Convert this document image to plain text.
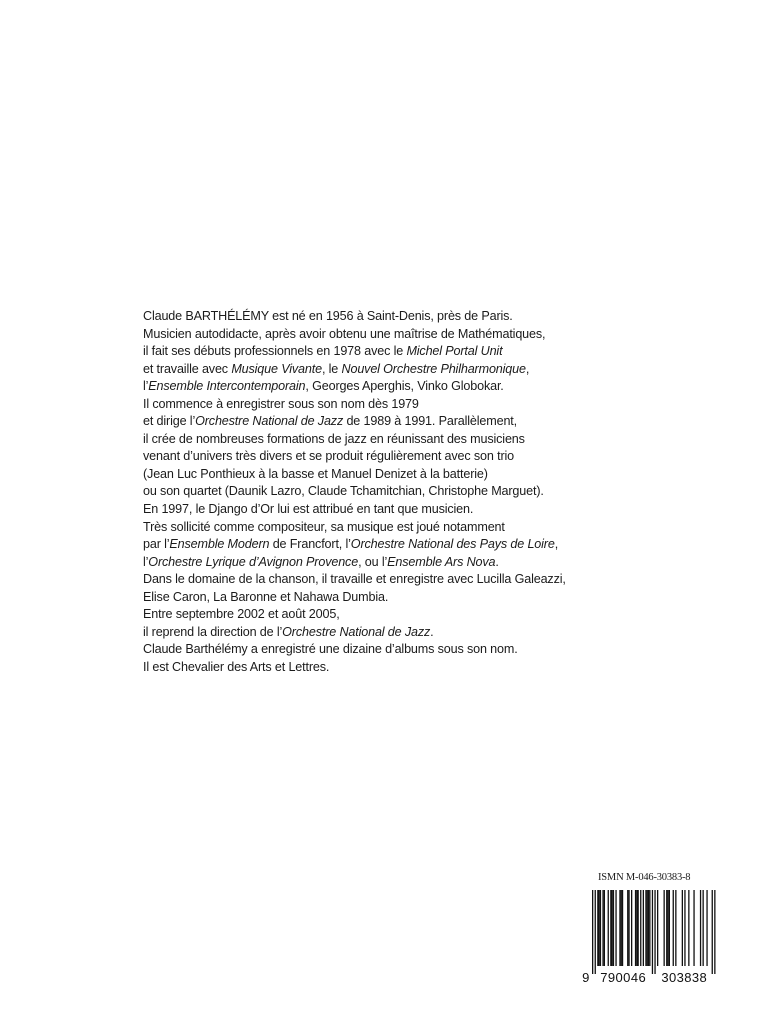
Claude BARTHÉLÉMY est né en 1956 à Saint-Denis, près de Paris.
Musicien autodidacte, après avoir obtenu une maîtrise de Mathématiques,
il fait ses débuts professionnels en 1978 avec le Michel Portal Unit
et travaille avec Musique Vivante, le Nouvel Orchestre Philharmonique,
l’Ensemble Intercontemporain, Georges Aperghis, Vinko Globokar.
Il commence à enregistrer sous son nom dès 1979
et dirige l’Orchestre National de Jazz de 1989 à 1991. Parallèlement,
il crée de nombreuses formations de jazz en réunissant des musiciens
venant d’univers très divers et se produit régulièrement avec son trio
(Jean Luc Ponthieux à la basse et Manuel Denizet à la batterie)
ou son quartet (Daunik Lazro, Claude Tchamitchian, Christophe Marguet).
En 1997, le Django d’Or lui est attribué en tant que musicien.
Très sollicité comme compositeur, sa musique est joué notamment
par l’Ensemble Modern de Francfort, l’Orchestre National des Pays de Loire,
l’Orchestre Lyrique d’Avignon Provence, ou l’Ensemble Ars Nova.
Dans le domaine de la chanson, il travaille et enregistre avec Lucilla Galeazzi,
Elise Caron, La Baronne et Nahawa Dumbia.
Entre septembre 2002 et août 2005,
il reprend la direction de l’Orchestre National de Jazz.
Claude Barthélémy a enregistré une dizaine d’albums sous son nom.
Il est Chevalier des Arts et Lettres.
ISMN M-046-30383-8
9 790046 303838
